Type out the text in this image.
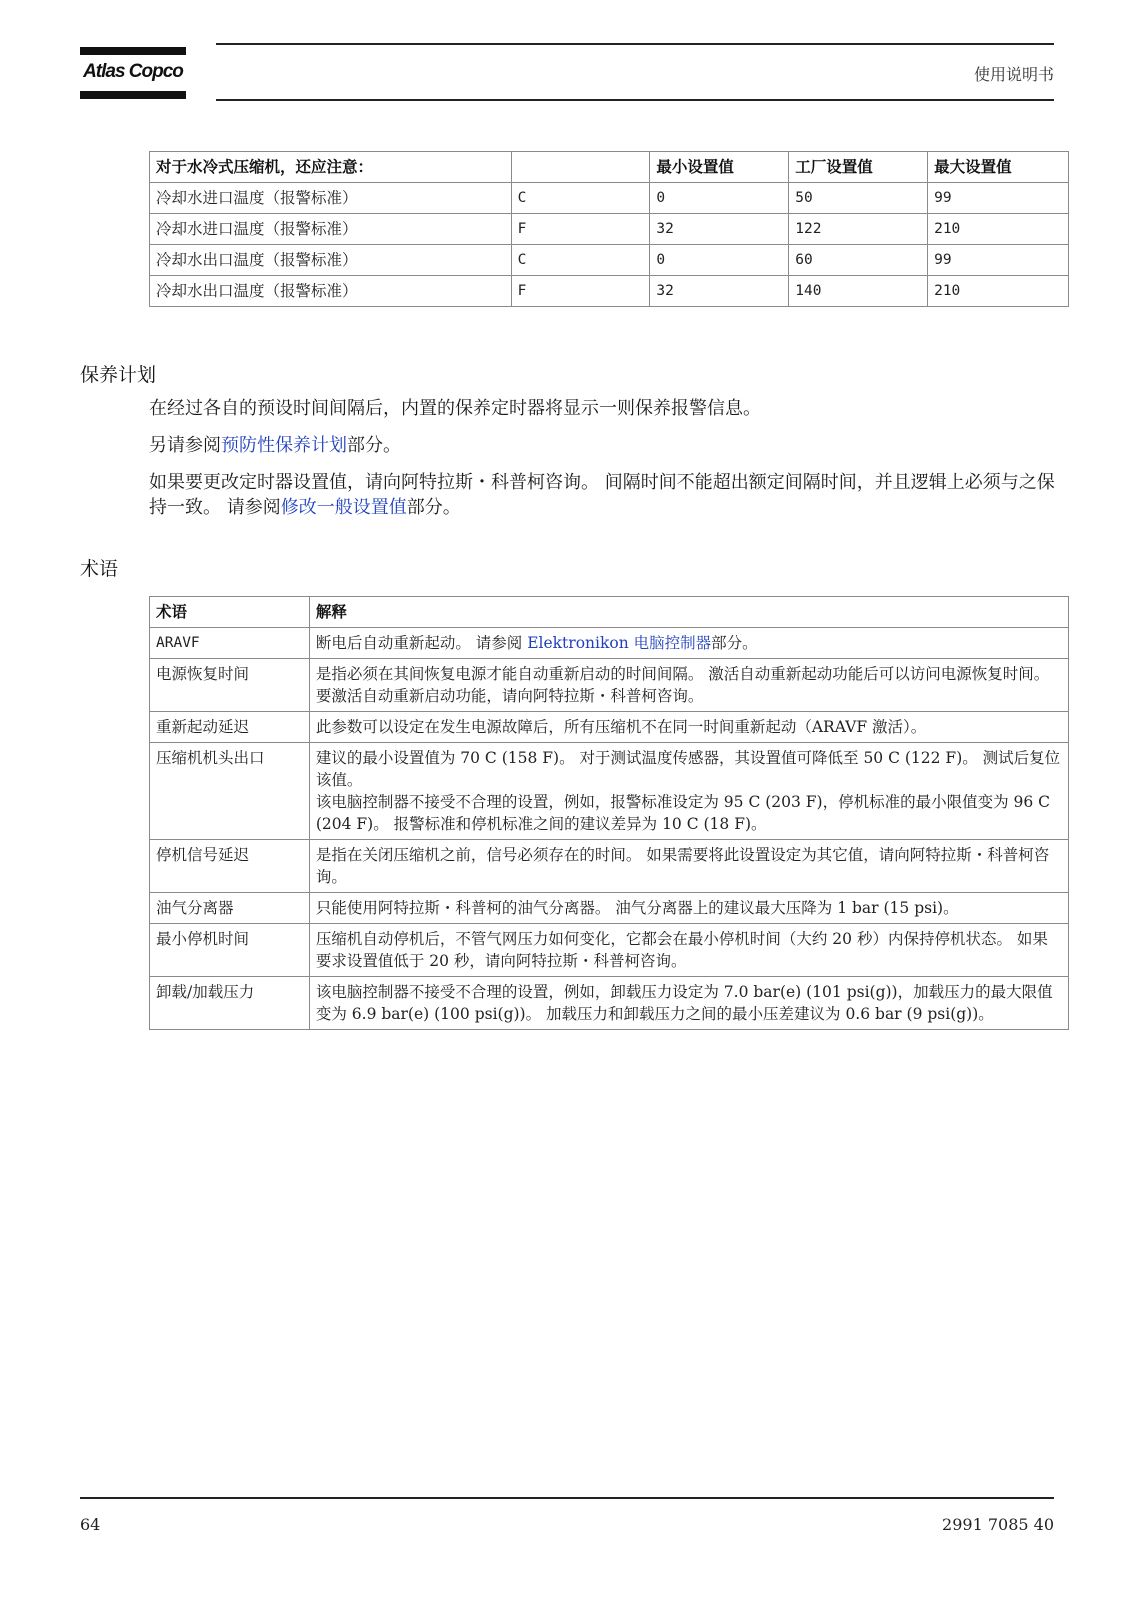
Atlas Copco	使用说明书
对于水冷式压缩机，还应注意：		最小设置值	工厂设置值	最大设置值
冷却水进口温度（报警标准）	C	0	50	99
冷却水进口温度（报警标准）	F	32	122	210
冷却水出口温度（报警标准）	C	0	60	99
冷却水出口温度（报警标准）	F	32	140	210
保养计划
在经过各自的预设时间间隔后，内置的保养定时器将显示一则保养报警信息。
另请参阅预防性保养计划部分。
如果要更改定时器设置值，请向阿特拉斯・科普柯咨询。 间隔时间不能超出额定间隔时间，并且逻辑上必须与之保持一致。 请参阅修改一般设置值部分。
术语
术语	解释
ARAVF	断电后自动重新起动。 请参阅 Elektronikon 电脑控制器部分。
电源恢复时间	是指必须在其间恢复电源才能自动重新启动的时间间隔。 激活自动重新起动功能后可以访问电源恢复时间。 要激活自动重新启动功能，请向阿特拉斯・科普柯咨询。
重新起动延迟	此参数可以设定在发生电源故障后，所有压缩机不在同一时间重新起动（ARAVF 激活）。
压缩机机头出口	建议的最小设置值为 70 C (158 F)。 对于测试温度传感器，其设置值可降低至 50 C (122 F)。 测试后复位该值。
该电脑控制器不接受不合理的设置，例如，报警标准设定为 95 C (203 F)，停机标准的最小限值变为 96 C (204 F)。 报警标准和停机标准之间的建议差异为 10 C (18 F)。

停机信号延迟	是指在关闭压缩机之前，信号必须存在的时间。 如果需要将此设置设定为其它值，请向阿特拉斯・科普柯咨询。
油气分离器	只能使用阿特拉斯・科普柯的油气分离器。 油气分离器上的建议最大压降为 1 bar (15 psi)。
最小停机时间	压缩机自动停机后，不管气网压力如何变化，它都会在最小停机时间（大约 20 秒）内保持停机状态。 如果要求设置值低于 20 秒，请向阿特拉斯・科普柯咨询。
卸载/加载压力	该电脑控制器不接受不合理的设置，例如，卸载压力设定为 7.0 bar(e) (101 psi(g))，加载压力的最大限值变为 6.9 bar(e) (100 psi(g))。 加载压力和卸载压力之间的最小压差建议为 0.6 bar (9 psi(g))。
64	2991 7085 40
